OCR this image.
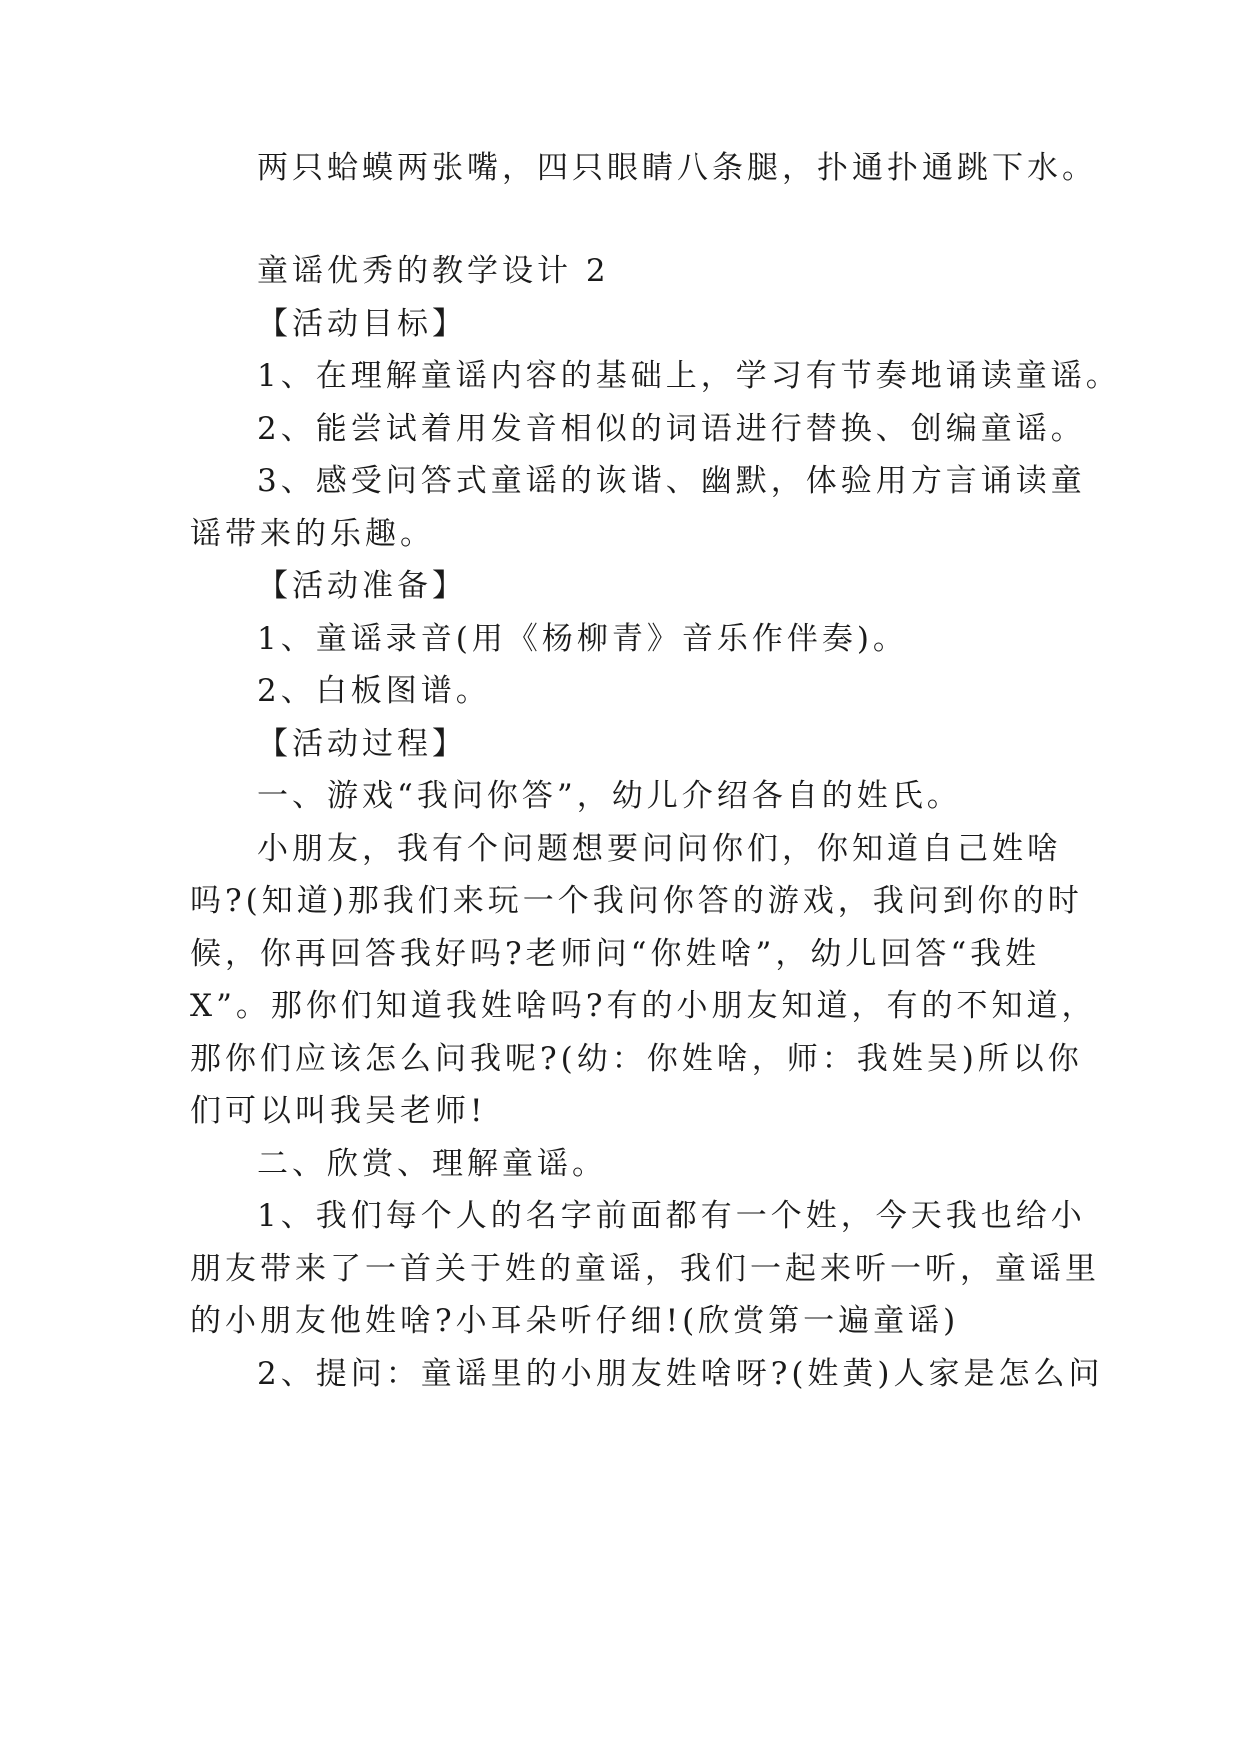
两只蛤蟆两张嘴，四只眼睛八条腿，扑通扑通跳下水。
童谣优秀的教学设计 2
【活动目标】
1、在理解童谣内容的基础上，学习有节奏地诵读童谣。
2、能尝试着用发音相似的词语进行替换、创编童谣。
3、感受问答式童谣的诙谐、幽默，体验用方言诵读童
谣带来的乐趣。
【活动准备】
1、童谣录音(用《杨柳青》音乐作伴奏)。
2、白板图谱。
【活动过程】
一、游戏“我问你答”，幼儿介绍各自的姓氏。
小朋友，我有个问题想要问问你们，你知道自己姓啥
吗?(知道)那我们来玩一个我问你答的游戏，我问到你的时
候，你再回答我好吗?老师问“你姓啥”，幼儿回答“我姓
X”。那你们知道我姓啥吗?有的小朋友知道，有的不知道，
那你们应该怎么问我呢?(幼：你姓啥，师：我姓吴)所以你
们可以叫我吴老师!
二、欣赏、理解童谣。
1、我们每个人的名字前面都有一个姓，今天我也给小
朋友带来了一首关于姓的童谣，我们一起来听一听，童谣里
的小朋友他姓啥?小耳朵听仔细!(欣赏第一遍童谣)
2、提问：童谣里的小朋友姓啥呀?(姓黄)人家是怎么问
